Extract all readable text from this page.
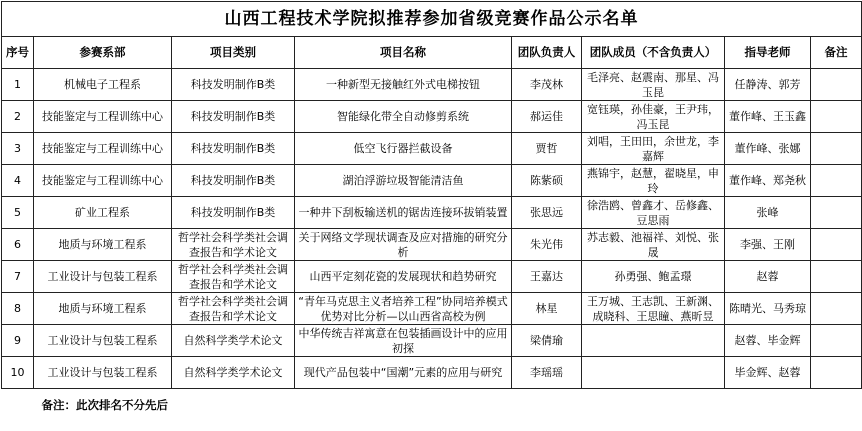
山西工程技术学院拟推荐参加省级竞赛作品公示名单							
序号	参赛系部	项目类别	项目名称	团队负责人	团队成员（不含负责人）	指导老师	备注
1	机械电子工程系	科技发明制作B类	一种新型无接触红外式电梯按钮	李茂林	毛泽亮、赵震南、那星、冯玉昆	任静涛、郭芳	
2	技能鉴定与工程训练中心	科技发明制作B类	智能绿化带全自动修剪系统	郝运佳	宽钰瑛，孙佳豪，王尹玮，冯玉昆	董作峰、王玉鑫	
3	技能鉴定与工程训练中心	科技发明制作B类	低空飞行器拦截设备	贾哲	刘唱，王田田，余世龙，李嘉辉	董作峰、张娜	
4	技能鉴定与工程训练中心	科技发明制作B类	湖泊浮游垃圾智能清洁鱼	陈紫硕	燕锦宇，赵慧，翟晓星，申玲	董作峰、郑尧秋	
5	矿业工程系	科技发明制作B类	一种井下刮板输送机的锯齿连接环拔销装置	张思远	徐浩鸥、曾鑫才、岳修鑫、豆思雨	张峰	
6	地质与环境工程系	哲学社会科学类社会调查报告和学术论文	关于网络文学现状调查及应对措施的研究分析	朱光伟	苏志毅、池福祥、刘悦、张晟	李强、王刚	
7	工业设计与包装工程系	哲学社会科学类社会调查报告和学术论文	山西平定刻花瓷的发展现状和趋势研究	王嘉达	孙勇强、鲍孟璟	赵蓉	
8	地质与环境工程系	哲学社会科学类社会调查报告和学术论文	“青年马克思主义者培养工程”协同培养模式优势对比分析—以山西省高校为例	林星	王万城、王志凯、王新渊、成晓科、王思瞳、燕昕昱	陈晴光、马秀琼	
9	工业设计与包装工程系	自然科学类学术论文	中华传统吉祥寓意在包装插画设计中的应用初探	梁倩瑜		赵蓉、毕金辉	
10	工业设计与包装工程系	自然科学类学术论文	现代产品包装中“国潮”元素的应用与研究	李瑶瑶		毕金辉、赵蓉	
备注：此次排名不分先后							
